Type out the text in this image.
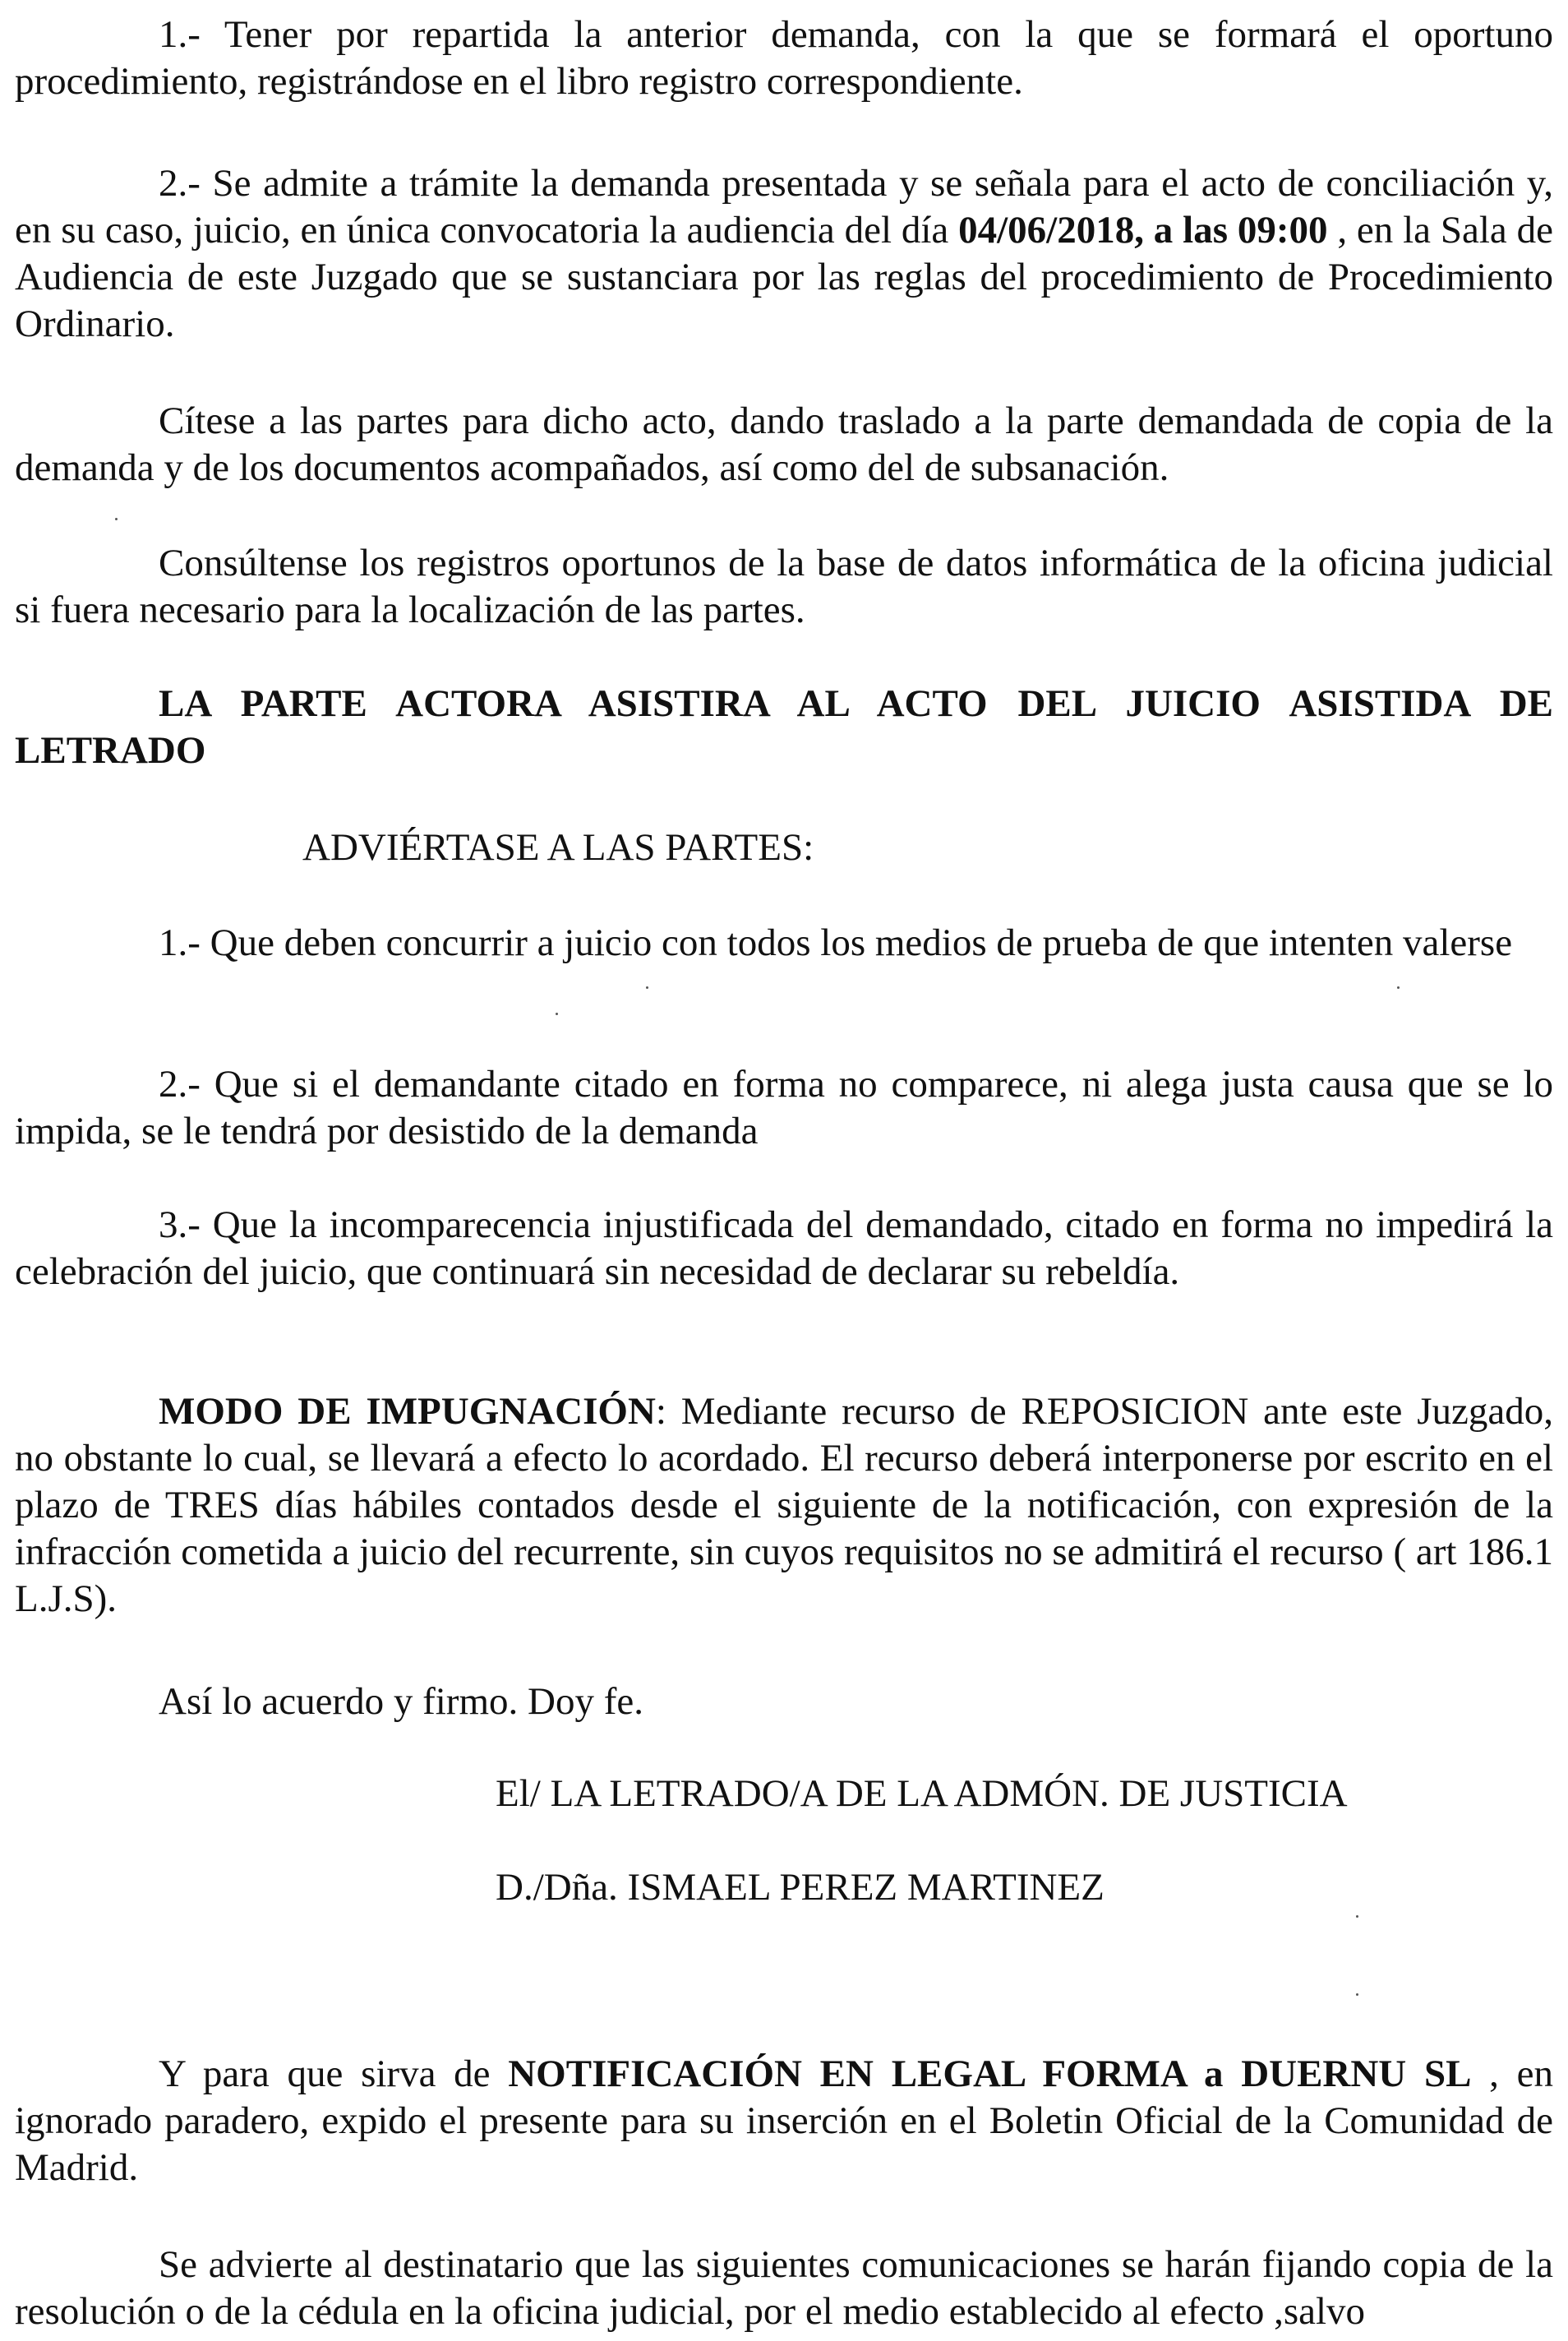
1.- Tener por repartida la anterior demanda, con la que se formará el oportuno procedimiento, registrándose en el libro registro correspondiente.

2.- Se admite a trámite la demanda presentada y se señala para el acto de conciliación y, en su caso, juicio, en única convocatoria la audiencia del día 04/06/2018, a las 09:00 , en la Sala de Audiencia de este Juzgado que se sustanciara por las reglas del procedimiento de Procedimiento Ordinario.

Cítese a las partes para dicho acto, dando traslado a la parte demandada de copia de la demanda y de los documentos acompañados, así como del de subsanación.

Consúltense los registros oportunos de la base de datos informática de la oficina judicial si fuera necesario para la localización de las partes.

LA PARTE ACTORA ASISTIRA AL ACTO DEL JUICIO ASISTIDA DE LETRADO

ADVIÉRTASE A LAS PARTES:

1.- Que deben concurrir a juicio con todos los medios de prueba de que intenten valerse

2.- Que si el demandante citado en forma no comparece, ni alega justa causa que se lo impida, se le tendrá por desistido de la demanda

3.- Que la incomparecencia injustificada del demandado, citado en forma no impedirá la celebración del juicio, que continuará sin necesidad de declarar su rebeldía.

MODO DE IMPUGNACIÓN: Mediante recurso de REPOSICION ante este Juzgado, no obstante lo cual, se llevará a efecto lo acordado. El recurso deberá interponerse por escrito en el plazo de TRES días hábiles contados desde el siguiente de la notificación, con expresión de la infracción cometida a juicio del recurrente, sin cuyos requisitos no se admitirá el recurso ( art 186.1 L.J.S).

Así lo acuerdo y firmo. Doy fe.

El/ LA LETRADO/A DE LA ADMÓN. DE JUSTICIA

D./Dña. ISMAEL PEREZ MARTINEZ

Y para que sirva de NOTIFICACIÓN EN LEGAL FORMA a DUERNU SL , en ignorado paradero, expido el presente para su inserción en el Boletin Oficial de la Comunidad de Madrid.

Se advierte al destinatario que las siguientes comunicaciones se harán fijando copia de la resolución o de la cédula en la oficina judicial, por el medio establecido al efecto ,salvo
